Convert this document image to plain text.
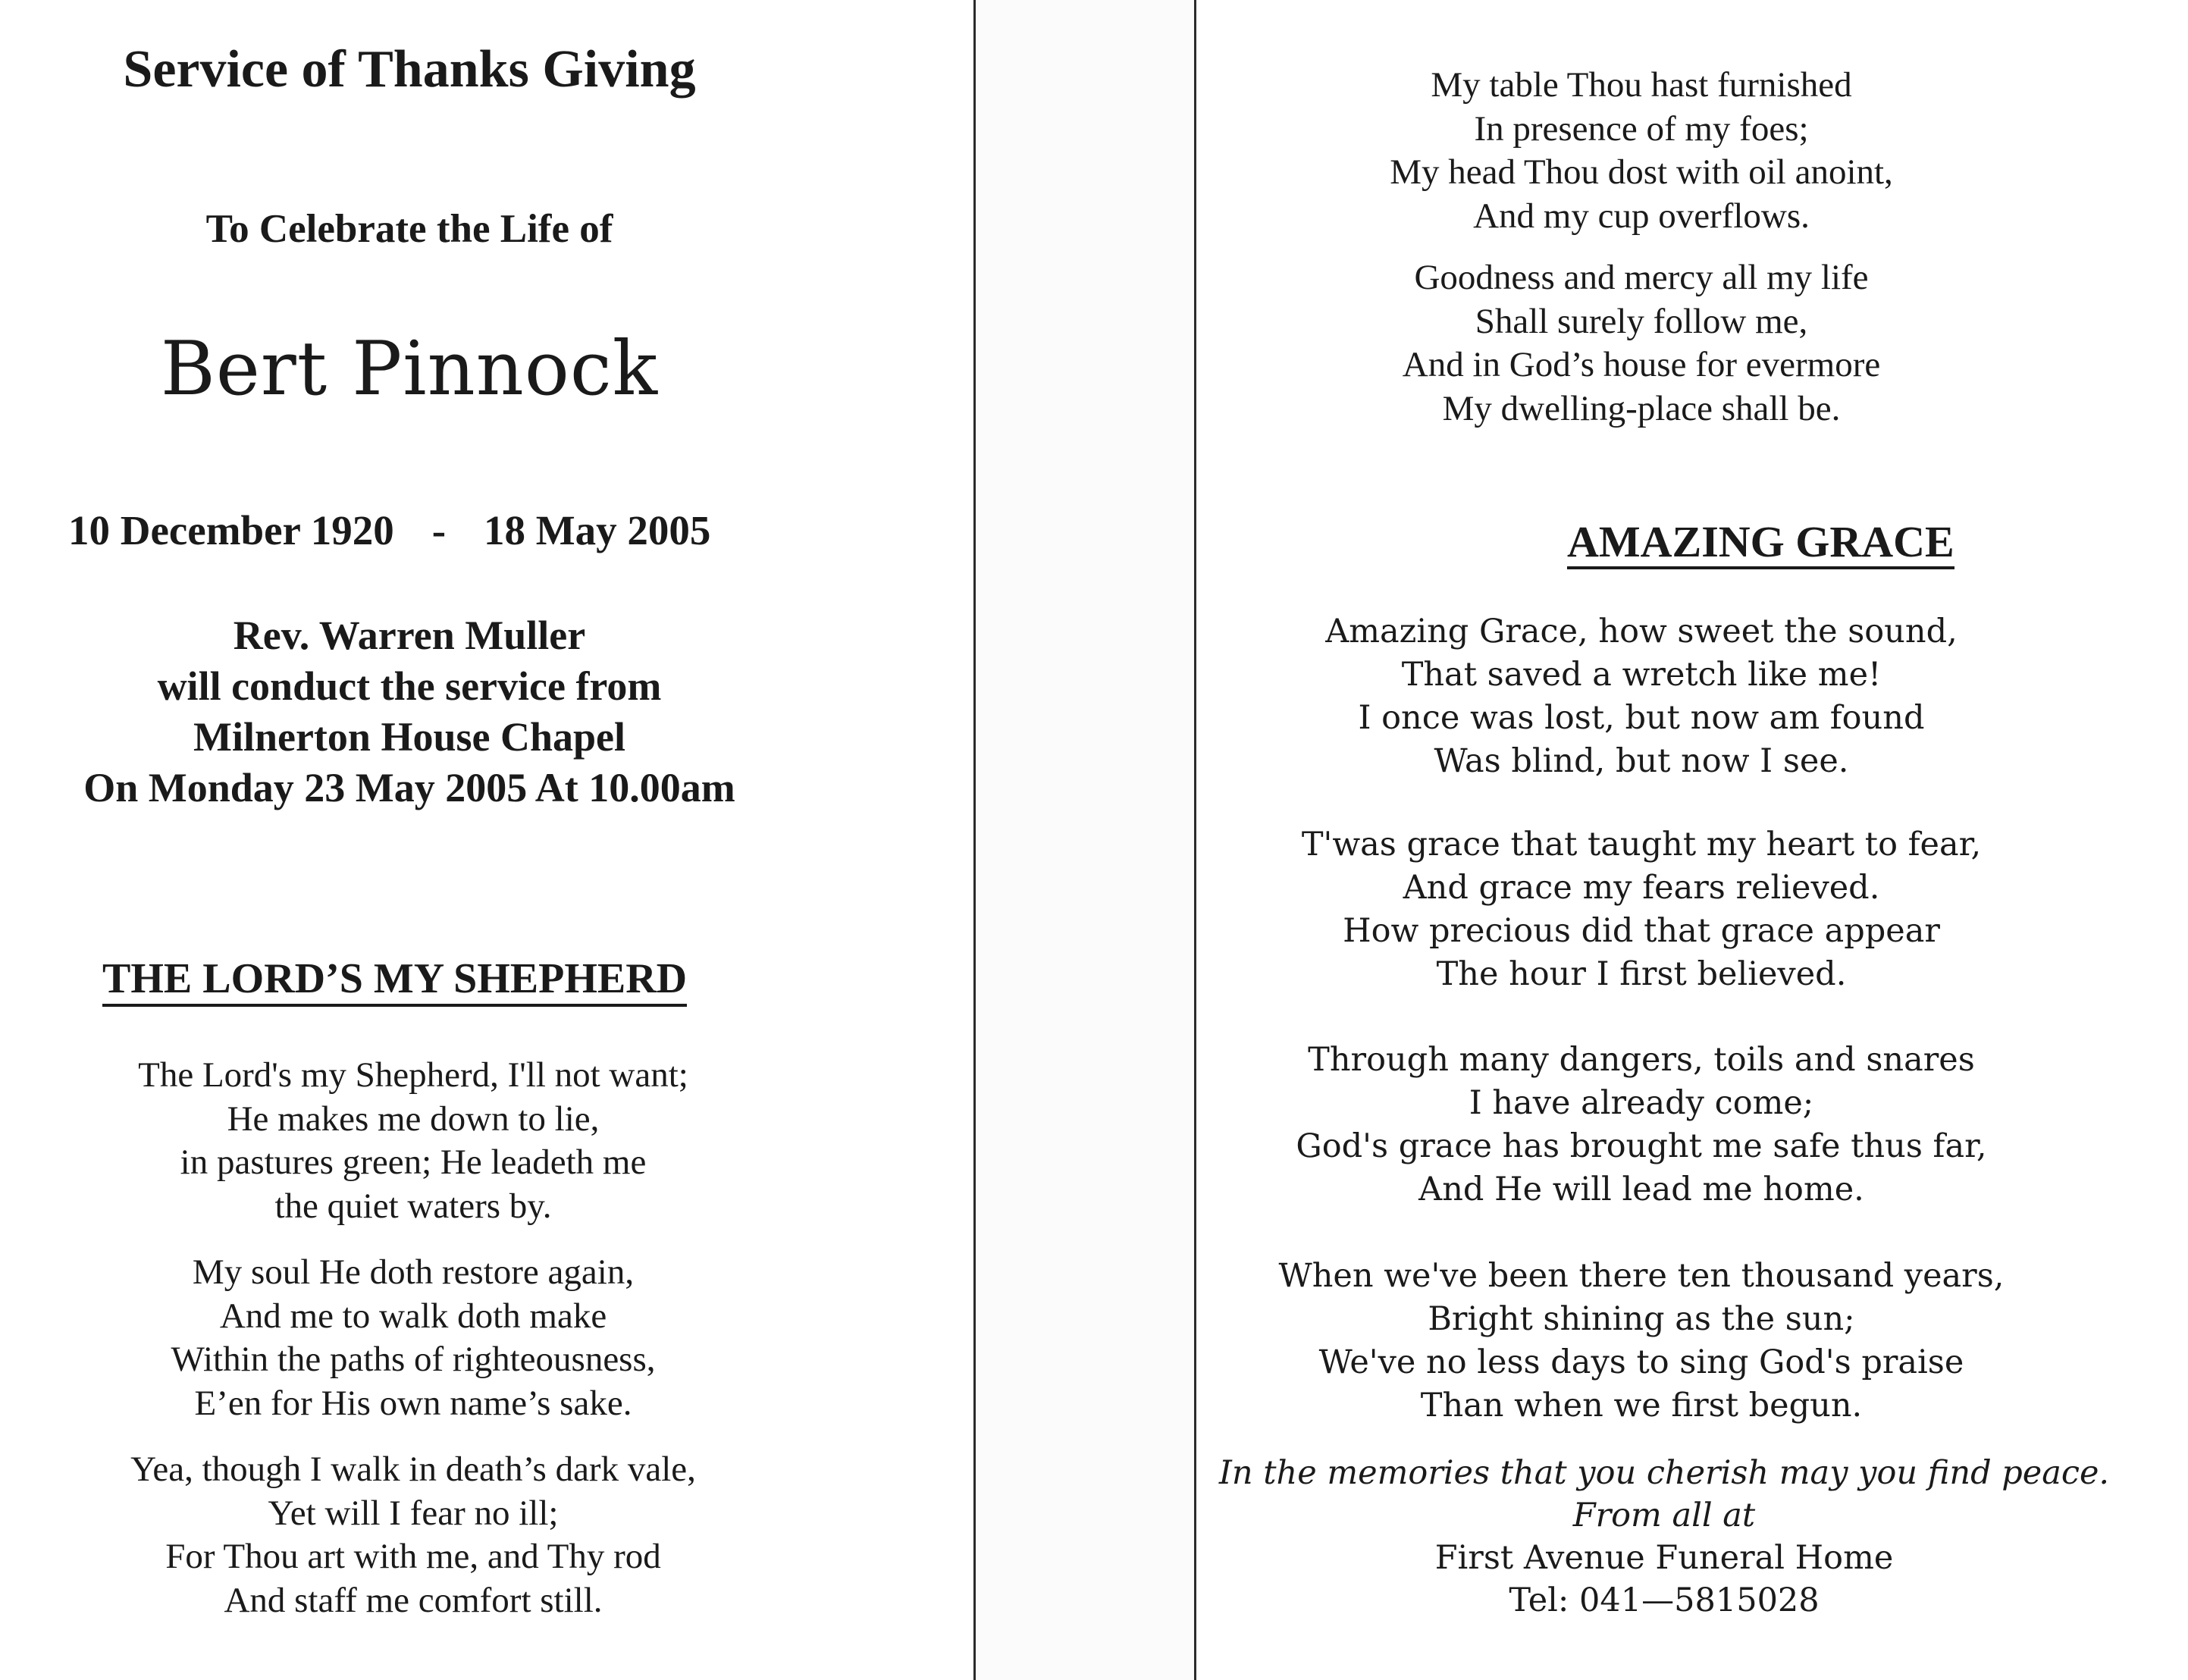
Service of Thanks Giving
To Celebrate the Life of
Bert Pinnock
10 December 1920 - 18 May 2005
Rev. Warren Muller
will conduct the service from
Milnerton House Chapel
On Monday 23 May 2005 At 10.00am
THE LORD’S MY SHEPHERD
The Lord's my Shepherd, I'll not want;
He makes me down to lie,
in pastures green; He leadeth me
the quiet waters by.
My soul He doth restore again,
And me to walk doth make
Within the paths of righteousness,
E’en for His own name’s sake.
Yea, though I walk in death’s dark vale,
Yet will I fear no ill;
For Thou art with me, and Thy rod
And staff me comfort still.
My table Thou hast furnished
In presence of my foes;
My head Thou dost with oil anoint,
And my cup overflows.
Goodness and mercy all my life
Shall surely follow me,
And in God’s house for evermore
My dwelling-place shall be.
AMAZING GRACE
Amazing Grace, how sweet the sound,
That saved a wretch like me!
I once was lost, but now am found
Was blind, but now I see.
T'was grace that taught my heart to fear,
And grace my fears relieved.
How precious did that grace appear
The hour I first believed.
Through many dangers, toils and snares
I have already come;
God's grace has brought me safe thus far,
And He will lead me home.
When we've been there ten thousand years,
Bright shining as the sun;
We've no less days to sing God's praise
Than when we first begun.
In the memories that you cherish may you find peace.
From all at
First Avenue Funeral Home
Tel: 041—5815028
